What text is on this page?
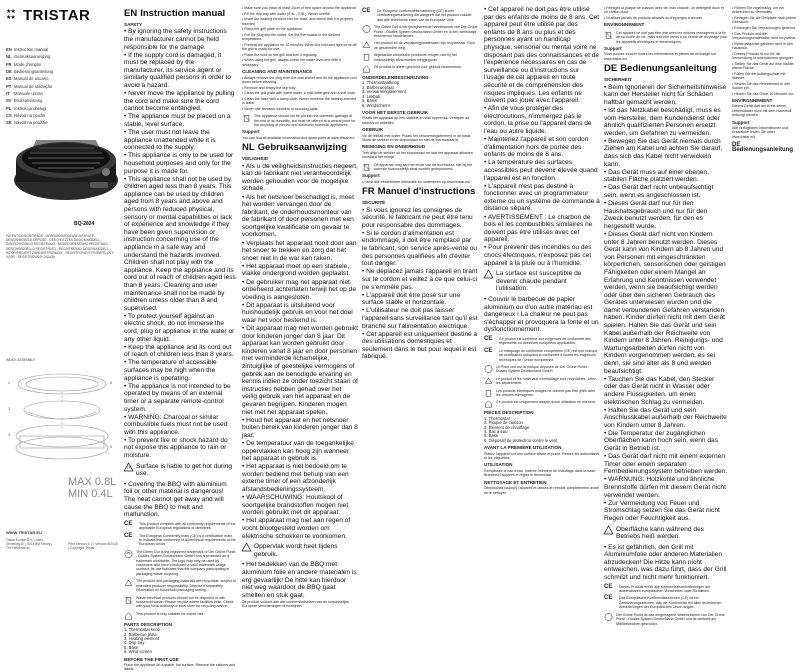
★★
★★ TRISTAR
EN Instruction manual
NL Gebruiksaanwijzing
FR Mode d'emploi
DE Bedienungsanleitung
ES Manual de usuario
PT Manual de utilização
IT	Manuale utente
SV Bruksanvisning
PL Instrukcja obsługi
CS Návod na použití
SK Návod na použitie
BQ-2824
PATENT/DESIGN/TRADE - GEBRUIKSMODELREGISTRATIE - DESSIN/MODÈLE DÉPOSÉ - GESCHÜTZTES DESIGN/MODELL - DISEÑO/MODELO REGISTRADO - MODELO/DESENHO REGISTADO - DESIGN/MODELLO REGISTRATO - REGISTRERAD DESIGN/MODELL - WZÓR/PROJEKT ZAREJESTROWANY - REGISTROVANÝ PRŮMYSLOVÝ VZOR - REGISTROVANÝ DIZAJN
INDEX ASSEMBLY
2
3
4
5
6
MAX 0.8L
MIN 0.4L
WWW.TRISTAR.EU
Tristar Europe B.V. | Jules Verneweg 87 | 5015 BM Tilburg | The Netherlands
Print version 1.1 | Version 8/2016 | Copyright Tristar
EN Instruction manual
SAFETY

• By ignoring the safety instructions the manufacturer cannot be held responsible for the damage.

• If the supply cord is damaged, it must be replaced by the manufacturer, its service agent or similarly qualified persons in order to avoid a hazard.

• Never move the appliance by pulling the cord and make sure the cord cannot become entangled.

• The appliance must be placed on a stable, level surface.

• The user must not leave the appliance unattended while it is connected to the supply.

• This appliance is only to be used for household purposes and only for the purpose it is made for.

• This appliance shall not be used by children aged less than 8 years. This appliance can be used by children aged from 8 years and above and persons with reduced physical, sensory or mental capabilities or lack of experience and knowledge if they have been given supervision or instruction concerning use of the appliance in a safe way and understand the hazards involved. Children shall not play with the appliance. Keep the appliance and its cord out of reach of children aged less than 8 years. Cleaning and user maintenance shall not be made by children unless older than 8 and supervised.

• To protect yourself against an electric shock, do not immerse the cord, plug or appliance in the water or any other liquid.

• Keep the appliance and its cord out of reach of children less than 8 years.

• The temperature of accessible surfaces may be high when the appliance is operating.

• The appliance is not intended to be operated by means of an external timer or a separate remote-control system.

• WARNING: Charcoal or similar combustible fuels must not be used with this appliance.

• To prevent fire or shock hazard do not expose this appliance to rain or moisture.

Surface is liable to get hot during use.

• Covering the BBQ with aluminium foil or other material is dangerous! The heat cannot get away and will cause the BBQ to melt and malfunction.

CE	This product complies with all conformity requirements of the applicable European regulations or directives.
CE	The European Conformity mark (CE) is a certification mark to indicate that conformity of all technical requirements of the European Union.
The Green Dot is the registered trademark of Der Grüne Punkt - Duales System Deutschland GmbH and is protected as a trademark worldwide. The logo may only be used by customers who have concluded a valid trademark usage contract. Its use indicates that the company participating in packaging waste recycling.
The product and packaging materials are recyclable, subject to extended producer responsibility. Dispose it separately. Information on household packaging sorting...
Waste electrical products should not be disposed of with household waste. Please recycle where facilities exist. Check with your local authority or local store for recycling advice.
This product is only suitable for indoor use.
PARTS DESCRIPTION
1. Thermostat knob
2. Barbecue plate
3. Heating element
4. Drip tray
5. Base
6. Wind screen
BEFORE THE FIRST USE

Place the appliance on a stable, flat surface. Remove the stickers and labels.

• Make sure you place at least 10cm of free space around the appliance.

• Fill the drip tray with water (0.4L - 0.8L). Never overfill.

• Insert the heating element into the base, and check that it is properly inserted.

• Place the grill plate on the appliance.

• Put the plug into the outlet. Set the thermostat to the desired temperature.

• Preheat the appliance for 10 minutes. When the indicator light turns off, the grill is ready for use.

• Place the food on the grill and turn it regularly.

• When using the grill, always check the water level and refill if necessary.

CLEANING AND MAINTENANCE

• Always remove the plug from the wall socket and let the appliance cool down before cleaning.

• Remove and empty the drip tray.

• Clean the grill plate with warm water, a mild detergent and a soft cloth.

• Clean the base with a damp cloth. Never immerse the heating element in water.

• Never use abrasive cleaners or scouring pads.

This appliance should not be put into the domestic garbage at the end of its durability, but must be offered at a central point for the recycling of electric and electronic domestic appliances.
Support

You can find all available information and spare parts at www.tristar.eu!

NL Gebruiksaanwijzing
VEILIGHEID

• Als u de veiligheidsinstructies negeert, kan de fabrikant niet verantwoordelijk worden gehouden voor de mogelijke schade.

• Als het netsnoer beschadigd is, moet het worden vervangen door de fabrikant, de onderhoudsmonteur van de fabrikant of door personen met een soortgelijke kwalificatie om gevaar te voorkomen.

• Verplaats het apparaat nooit door aan het snoer te trekken en zorg dat het snoer niet in de war kan raken.

• Het apparaat moet op een stabiele, vlakke ondergrond worden geplaatst.

• De gebruiker mag het apparaat niet onbeheerd achterlaten terwijl het op de voeding is aangesloten.

• Dit apparaat is uitsluitend voor huishoudelijk gebruik en voor het doel waar het voor bestemd is.

• Dit apparaat mag niet worden gebruikt door kinderen jonger dan 8 jaar. Dit apparaat kan worden gebruikt door kinderen vanaf 8 jaar en door personen met verminderde lichamelijke, zintuiglijke of geestelijke vermogens of gebrek aan de benodigde ervaring en kennis indien ze onder toezicht staan of instructies hebben gehad over het veilig gebruik van het apparaat en de gevaren begrijpen. Kinderen mogen niet met het apparaat spelen.

• Houd het apparaat en het netsnoer buiten bereik van kinderen jonger dan 8 jaar.

• De temperatuur van de toegankelijke oppervlakken kan hoog zijn wanneer het apparaat in gebruik is.

• Het apparaat is niet bedoeld om te worden bediend met behulp van een externe timer of een afzonderlijk afstandsbedieningssysteem.

• WAARSCHUWING: Houtskool of soortgelijke brandstoffen mogen niet worden gebruikt met dit apparaat.

• Het apparaat mag niet aan regen of vocht blootgesteld worden om elektrische schokken te voorkomen.

Oppervlak wordt heet tijdens gebruik.

• Het bedekken van de BBQ met aluminium folie en andere materialen is erg gevaarlijk! De hitte kan hierdoor niet weg waardoor de BBQ gaat smelten en stuk gaat.

Dit product voldoet aan alle conformiteitseisen van de toepasselijke Europese verordeningen of richtlijnen.

CE	De Europese conformiteitsmarkering (CE) is een certificeringsmarkering die aangeeft dat het product voldoet aan alle technische eisen van de Europese Unie.
The Green Dot is het geregistreerde handelsmerk van Der Grüne Punkt - Duales System Deutschland GmbH en is een wereldwijd beschermd handelsmerk.
Het product en de verpakkingsmaterialen zijn recyclebaar. Gooi ze gescheiden weg.
Afgedankte elektrische producten mogen niet bij het huishoudelijk afval worden weggegooid.
Dit product is alleen geschikt voor gebruik binnenshuis.
ONDERDELENBESCHRIJVING
1. Thermostaatknop
2. Barbecueplaat
3. Verwarmingselement
4. Lekbak
5. Basis
6. Windscherm
VOOR HET EERSTE GEBRUIK

Plaats het apparaat op een stabiele en vlak oppervlak. Verwijder de stickers en etiketten.

GEBRUIK

Vul de lekbak met water. Plaats het verwarmingselement in de basis. Steek de stekker in het stopcontact en stel de thermostaat in.

REINIGING EN ONDERHOUD

Trek altijd de stekker uit het stopcontact en laat het apparaat afkoelen voordat u het reinigt.

Dit apparaat mag aan het einde van de levensduur niet bij het normale huishoudelijk afval worden gedeponeerd.
Support

U vindt alle beschikbare informatie en onderdelen op www.tristar.eu!

FR Manuel d'instructions
SÉCURITÉ

• Si vous ignorez les consignes de sécurité, le fabricant ne peut être tenu pour responsable des dommages.

• Si le cordon d'alimentation est endommagé, il doit être remplacé par le fabricant, son service après-vente ou des personnes qualifiées afin d'éviter tout danger.

• Ne déplacez jamais l'appareil en tirant sur le cordon et veillez à ce que celui-ci ne s'emmêle pas.

• L'appareil doit être posé sur une surface stable et horizontale.

• L'utilisateur ne doit pas laisser l'appareil sans surveillance tant qu'il est branché sur l'alimentation électrique.

• Cet appareil est uniquement destiné à des utilisations domestiques et seulement dans le but pour lequel il est fabriqué.

• Cet appareil ne doit pas être utilisé par des enfants de moins de 8 ans. Cet appareil peut être utilisé par des enfants de 8 ans ou plus et des personnes ayant un handicap physique, sensoriel ou mental voire ne disposant pas des connaissances et de l'expérience nécessaires en cas de surveillance ou d'instructions sur l'usage de cet appareil en toute sécurité et de compréhension des risques impliqués. Les enfants ne doivent pas jouer avec l'appareil.

• Afin de vous protéger des électrocutions, n'immergez pas le cordon, la prise ou l'appareil dans de l'eau ou autre liquide.

• Maintenez l'appareil et son cordon d'alimentation hors de portée des enfants de moins de 8 ans.

• La température des surfaces accessibles peut devenir élevée quand l'appareil est en fonction.

• L'appareil n'est pas destiné à fonctionner avec un programmateur externe ou un système de commande à distance séparé.

• AVERTISSEMENT : Le charbon de bois et les combustibles similaires ne doivent pas être utilisés avec cet appareil.

• Pour prévenir des incendies ou des chocs électriques, n'exposez pas cet appareil à la pluie ou à l'humidité.

La surface est susceptible de devenir chaude pendant l'utilisation.

• Couvrir le barbecue de papier aluminium ou d'un autre matériau est dangereux ! La chaleur ne peut pas s'échapper et provoquera la fonte et un dysfonctionnement.

CE	Ce produit est conforme aux exigences de conformité des règlements ou directives européens applicables.
CE	Le marquage de conformité européenne (CE) est une marque de certification indiquant la conformité à toutes les exigences techniques de l'Union européenne.
Le Point vert est la marque déposée de Der Grüne Punkt - Duales System Deutschland GmbH.
Le produit et les matériaux d'emballage sont recyclables. Jetez-les séparément.
Les produits électriques usagés ne doivent pas être jetés avec les ordures ménagères.
Ce produit est uniquement adapté à une utilisation en intérieur.
PIÈCES DESCRIPTION
1. Thermostat
2. Plaque de cuisson
3. Élément de chauffage
4. Bac à eau
5. Base
6. Dispositif de protection contre le vent
AVANT LA PREMIÈRE UTILISATION

Placez l'appareil sur une surface stable et plane. Retirez les autocollants et les étiquettes.

UTILISATION

Remplissez le bac d'eau. Insérez l'élément de chauffage dans la base. Branchez l'appareil et réglez le thermostat.

NETTOYAGE ET ENTRETIEN

Débranchez toujours l'appareil et laissez-le refroidir complètement avant de le nettoyer.

• Reinigez la plaque de cuisson avec de l'eau chaude, un détergent doux et un chiffon doux.

• N'utilisez jamais de produits abrasifs ou d'éponges à récurer.

ENVIRONNEMENT
Cet appareil ne doit pas être jeté avec les ordures ménagères à la fin de sa durée de vie, mais doit être remis à un centre de recyclage pour les appareils électriques et électroniques.
Support

Vous pouvez trouver toutes les informations et pièces de rechange sur www.tristar.eu!

DE Bedienungsanleitung
SICHERHEIT

• Beim Ignorieren der Sicherheitshinweise kann der Hersteller nicht für Schäden haftbar gemacht werden.

• Ist das Netzkabel beschädigt, muss es vom Hersteller, dem Kundendienst oder ähnlich qualifizierten Personen ersetzt werden, um Gefahren zu vermeiden.

• Bewegen Sie das Gerät niemals durch Ziehen am Kabel und achten Sie darauf, dass sich das Kabel nicht verwickeln kann.

• Das Gerät muss auf einer ebenen, stabilen Fläche platziert werden.

• Das Gerät darf nicht unbeaufsichtigt sein, wenn es angeschlossen ist.

• Dieses Gerät darf nur für den Haushaltsgebrauch und nur für den Zweck benutzt werden, für den es hergestellt wurde.

• Dieses Gerät darf nicht von Kindern unter 8 Jahren benutzt werden. Dieses Gerät kann von Kindern ab 8 Jahren und von Personen mit eingeschränkten körperlichen, sensorischen oder geistigen Fähigkeiten oder einem Mangel an Erfahrung und Kenntnissen verwendet werden, wenn sie beaufsichtigt werden oder über den sicheren Gebrauch des Gerätes unterwiesen wurden und die damit verbundenen Gefahren verstanden haben. Kinder dürfen nicht mit dem Gerät spielen. Halten Sie das Gerät und sein Kabel außerhalb der Reichweite von Kindern unter 8 Jahren. Reinigungs- und Wartungsarbeiten dürfen nicht von Kindern vorgenommen werden, es sei denn, sie sind älter als 8 und werden beaufsichtigt.

• Tauchen Sie das Kabel, den Stecker oder das Gerät nicht in Wasser oder andere Flüssigkeiten, um einen elektrischen Schlag zu vermeiden.

• Halten Sie das Gerät und sein Anschlusskabel außerhalb der Reichweite von Kindern unter 8 Jahren.

• Die Temperatur der zugänglichen Oberflächen kann hoch sein, wenn das Gerät in Betrieb ist.

• Das Gerät darf nicht mit einem externen Timer oder einem separaten Fernbedienungssystem betrieben werden.

• WARNUNG: Holzkohle und ähnliche Brennstoffe dürfen mit diesem Gerät nicht verwendet werden.

• Zur Vermeidung von Feuer und Stromschlag setzen Sie das Gerät nicht Regen oder Feuchtigkeit aus.

Oberfläche kann während des Betriebs heiß werden.

• Es ist gefährlich, den Grill mit Aluminiumfolie oder anderen Materialien abzudecken! Die Hitze kann nicht entweichen, was dazu führt, dass der Grill schmilzt und nicht mehr funktioniert.

CE	Dieses Produkt erfüllt alle Konformitätsanforderungen der anwendbaren europäischen Vorschriften oder Richtlinien.
CE	Das Europäische Konformitätszeichen (CE) ist ein Zertifizierungszeichen, das die Konformität mit allen technischen Anforderungen der Europäischen Union angibt.
Der Grüne Punkt ist das eingetragene Warenzeichen von Der Grüne Punkt - Duales System Deutschland GmbH und ist weltweit als Markenzeichen geschützt.

• Rühren Sie regelmäßig, um ein Anbrennen zu vermeiden.

• Reinigen Sie die Grillplatte nach jedem Gebrauch.

• Entsorgen Sie Verpackungen getrennt.

• Das Produkt und die Verpackungsmaterialien sind recycelbar.

• Elektroaltgeräte gehören nicht in den Hausmüll.

• Dieses Produkt ist nur für die Verwendung in Innenräumen geeignet.

• Stellen Sie das Gerät auf eine stabile, ebene Fläche.

• Füllen Sie die Auffangschale mit Wasser.

• Setzen Sie das Heizelement in den Sockel ein.

• Heizen Sie das Gerät 10 Minuten vor.

ENVIRONNEMENT

Dieses Gerät darf am Ende seiner Lebensdauer nicht mit dem Hausmüll entsorgt werden.

Support

Alle verfügbaren Informationen und Ersatzteile finden Sie unter www.tristar.eu!

DE Bedienungsanleitung
